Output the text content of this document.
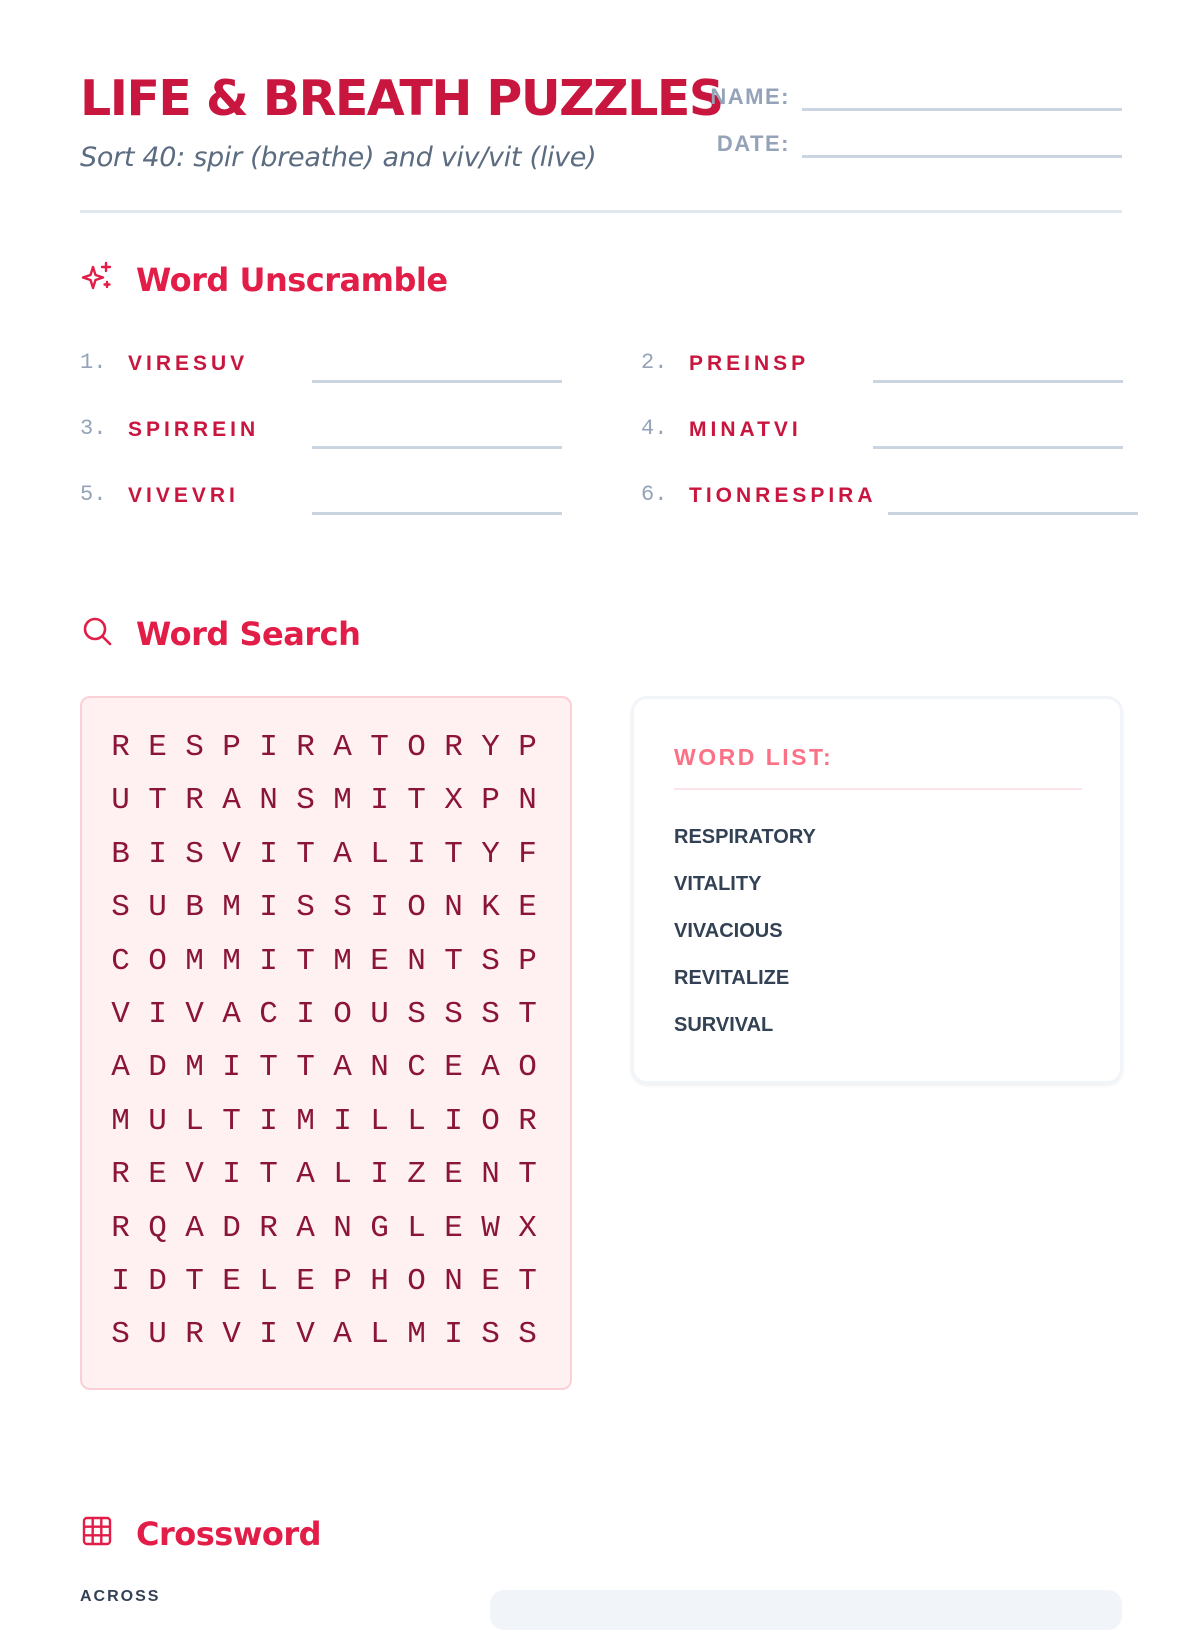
LIFE & BREATH PUZZLES
Sort 40: spir (breathe) and viv/vit (live)
NAME:
DATE:
Word Unscramble
1. VIRESUV	2. PREINSP
3. SPIRREIN	4. MINATVI
5. VIVEVRI	6. TIONRESPIRA
Word Search
R E S P I R A T O R Y P
U T R A N S M I T X P N
B I S V I T A L I T Y F
S U B M I S S I O N K E
C O M M I T M E N T S P
V I V A C I O U S S S T
A D M I T T A N C E A O
M U L T I M I L L I O R
R E V I T A L I Z E N T
R Q A D R A N G L E W X
I D T E L E P H O N E T
S U R V I V A L M I S S
WORD LIST:
RESPIRATORY
VITALITY
VIVACIOUS
REVITALIZE
SURVIVAL
Crossword
ACROSS
